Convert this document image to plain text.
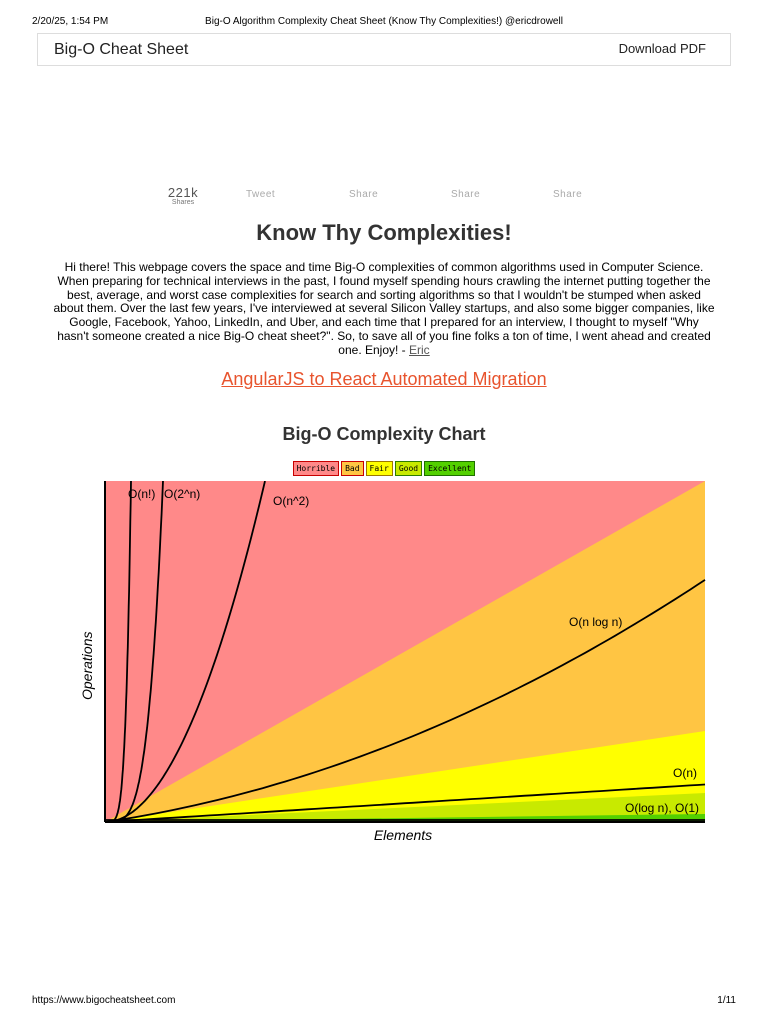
2/20/25, 1:54 PM	Big-O Algorithm Complexity Cheat Sheet (Know Thy Complexities!) @ericdrowell
Big-O Cheat Sheet	Download PDF
221k
Shares
Tweet	Share	Share	Share
Know Thy Complexities!
Hi there! This webpage covers the space and time Big-O complexities of common algorithms used in Computer Science. When preparing for technical interviews in the past, I found myself spending hours crawling the internet putting together the best, average, and worst case complexities for search and sorting algorithms so that I wouldn't be stumped when asked about them. Over the last few years, I've interviewed at several Silicon Valley startups, and also some bigger companies, like Google, Facebook, Yahoo, LinkedIn, and Uber, and each time that I prepared for an interview, I thought to myself "Why hasn't someone created a nice Big-O cheat sheet?". So, to save all of you fine folks a ton of time, I went ahead and created one. Enjoy! - Eric
AngularJS to React Automated Migration
Big-O Complexity Chart
Horrible Bad Fair Good Excellent
O(n!) O(2^n)	O(n^2)
O(n log n)
O(n)
O(log n), O(1)
Operations
Elements
https://www.bigocheatsheet.com	1/11
